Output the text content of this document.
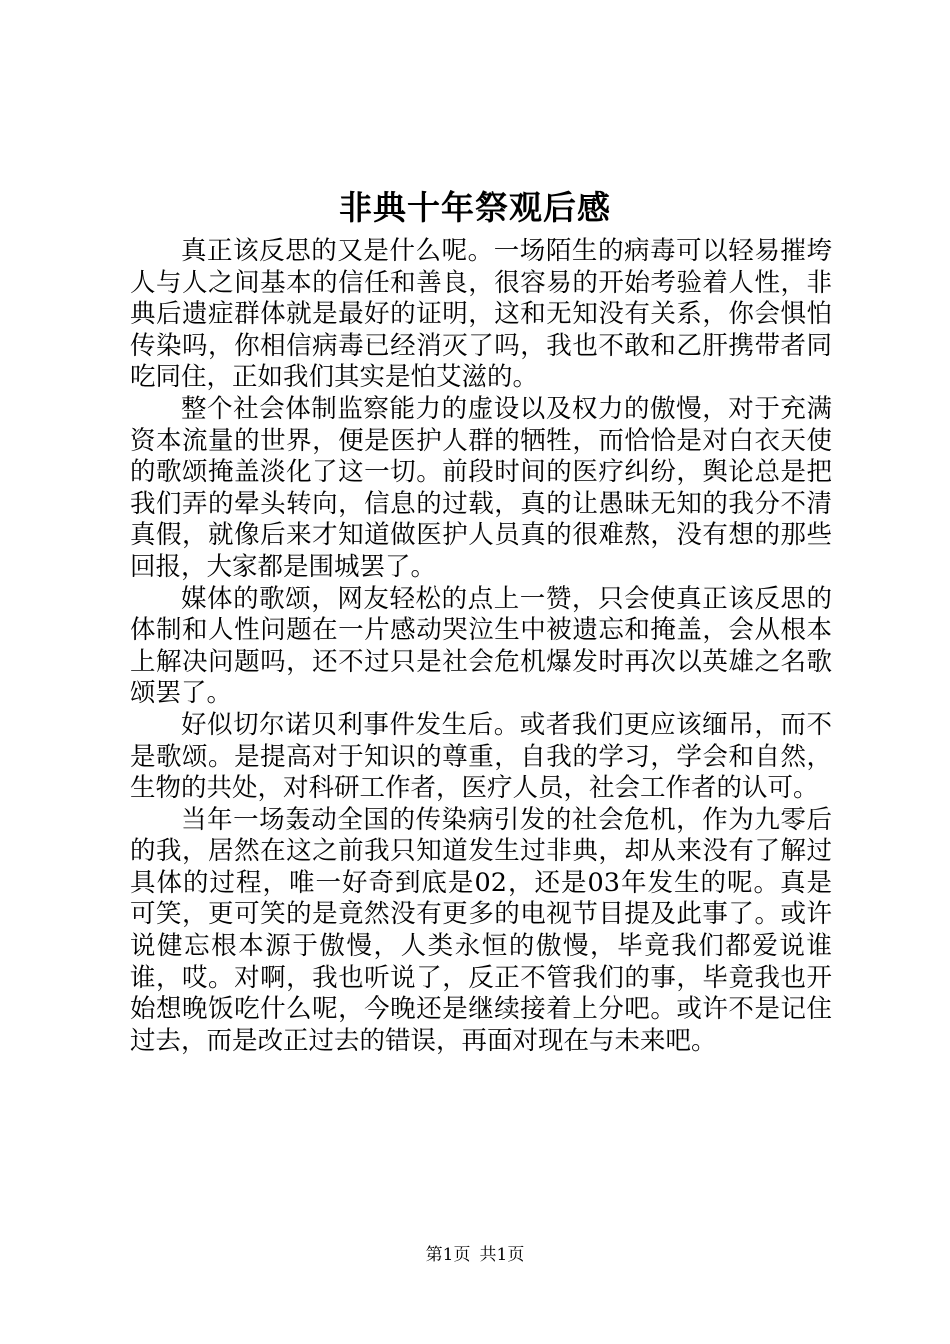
非典十年祭观后感

真正该反思的又是什么呢。一场陌生的病毒可以轻易摧垮人与人之间基本的信任和善良，很容易的开始考验着人性，非典后遗症群体就是最好的证明，这和无知没有关系，你会惧怕传染吗，你相信病毒已经消灭了吗，我也不敢和乙肝携带者同吃同住，正如我们其实是怕艾滋的。

整个社会体制监察能力的虚设以及权力的傲慢，对于充满资本流量的世界，便是医护人群的牺牲，而恰恰是对白衣天使的歌颂掩盖淡化了这一切。前段时间的医疗纠纷，舆论总是把我们弄的晕头转向，信息的过载，真的让愚昧无知的我分不清真假，就像后来才知道做医护人员真的很难熬，没有想的那些回报，大家都是围城罢了。

媒体的歌颂，网友轻松的点上一赞，只会使真正该反思的体制和人性问题在一片感动哭泣生中被遗忘和掩盖，会从根本上解决问题吗，还不过只是社会危机爆发时再次以英雄之名歌颂罢了。

好似切尔诺贝利事件发生后。或者我们更应该缅吊，而不是歌颂。是提高对于知识的尊重，自我的学习，学会和自然，生物的共处，对科研工作者，医疗人员，社会工作者的认可。

当年一场轰动全国的传染病引发的社会危机，作为九零后的我，居然在这之前我只知道发生过非典，却从来没有了解过具体的过程，唯一好奇到底是02，还是03年发生的呢。真是可笑，更可笑的是竟然没有更多的电视节目提及此事了。或许说健忘根本源于傲慢，人类永恒的傲慢，毕竟我们都爱说谁谁，哎。对啊，我也听说了，反正不管我们的事，毕竟我也开始想晚饭吃什么呢，今晚还是继续接着上分吧。或许不是记住过去，而是改正过去的错误，再面对现在与未来吧。

第1页 共1页
